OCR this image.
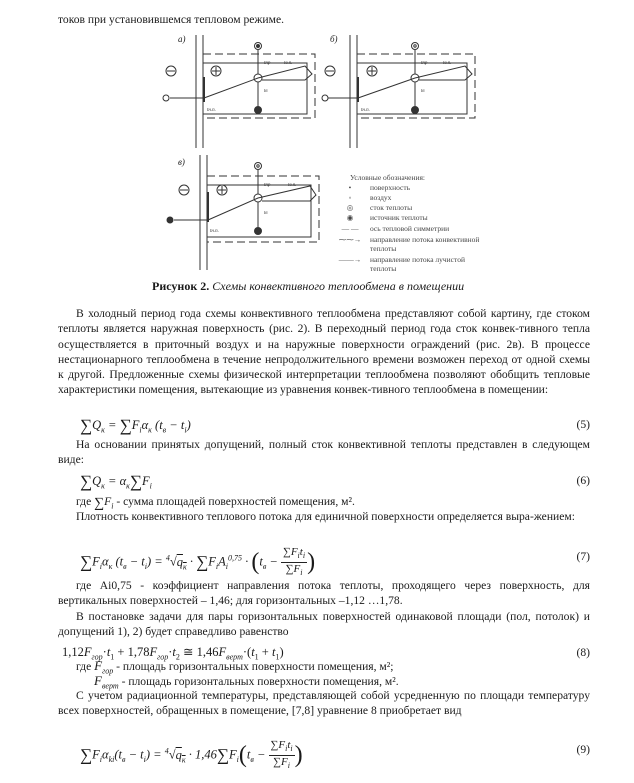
токов при установившемся тепловом режиме.
а)
tпр	tв.п.
tв
tн.п.
б)
tпр	tв.п.
tв
tн.п.
в)
tпр	tв.п.
tв
tн.п.
Условные обозначения:
• поверхность
◦ воздух
◎ сток теплоты
◉ источник теплоты
— — ось тепловой симметрии
⁓⁓→ направление потока конвективной
теплоты
——→ направление потока лучистой
теплоты
Рисунок 2. Схемы конвективного теплообмена в помещении
В холодный период года схемы конвективного теплообмена представляют собой картину, где стоком теплоты является наружная поверхность (рис. 2). В переходный период года сток конвек-тивного тепла осуществляется в приточный воздух и на наружные поверхности ограждений (рис. 2в). В процессе нестационарного теплообмена в течение непродолжительного времени возможен переход от одной схемы к другой. Предложенные схемы физической интерпретации теплообмена позволяют обобщить тепловые характеристики помещения, вытекающие из уравнения конвек-тивного теплообмена в помещении:
$\sum Q_к = \sum F_i\alpha_к$ $(t_в - t_i)$	(5)
На основании принятых допущений, полный сток конвективной теплоты представлен в следующем виде:
$\sum Q_к = \alpha_к\sum F_i$	(6)
где $\sum F_i$ - сумма площадей поверхностей помещения, м².
Плотность конвективного теплового потока для единичной поверхности определяется выра-жением:
$\sum F_i\alpha_к$ $(t_в - t_i) = ^4√q_к \cdot \sum F_iA_i^{0,75} \cdot (t_в - \frac{\sum F_it_i}{\sum F_i}$ )	(7)
где Ai0,75 - коэффициент направления потока теплоты, проходящего через поверхность, для вертикальных поверхностей – 1,46; для горизонтальных –1,12 …1,78.
В постановке задачи для пары горизонтальных поверхностей одинаковой площади (пол, потолок) и допущений 1), 2) будет справедливо равенство
$1,12F_{гор}\cdot t_1 + 1,78F_{гор}\cdot t_2$ ≅ $1,46F_{верт}\cdot(t_1 + t_1)$	(8)
где $F_{гор}$ - площадь горизонтальных поверхности помещения, м²;
$F_{верт}$ - площадь горизонтальных поверхности помещения, м².
С учетом радиационной температуры, представляющей собой усредненную по площади температуру всех поверхностей, обращенных в помещение, [7,8] уравнение 8 приобретает вид
$\sum F_i\alpha_{ki}(t_в - t_i) = ^4√q_к \cdot 1,46\sum F_i(t_в - \frac{\sum F_it_i}{\sum F_i}$ )	(9)
